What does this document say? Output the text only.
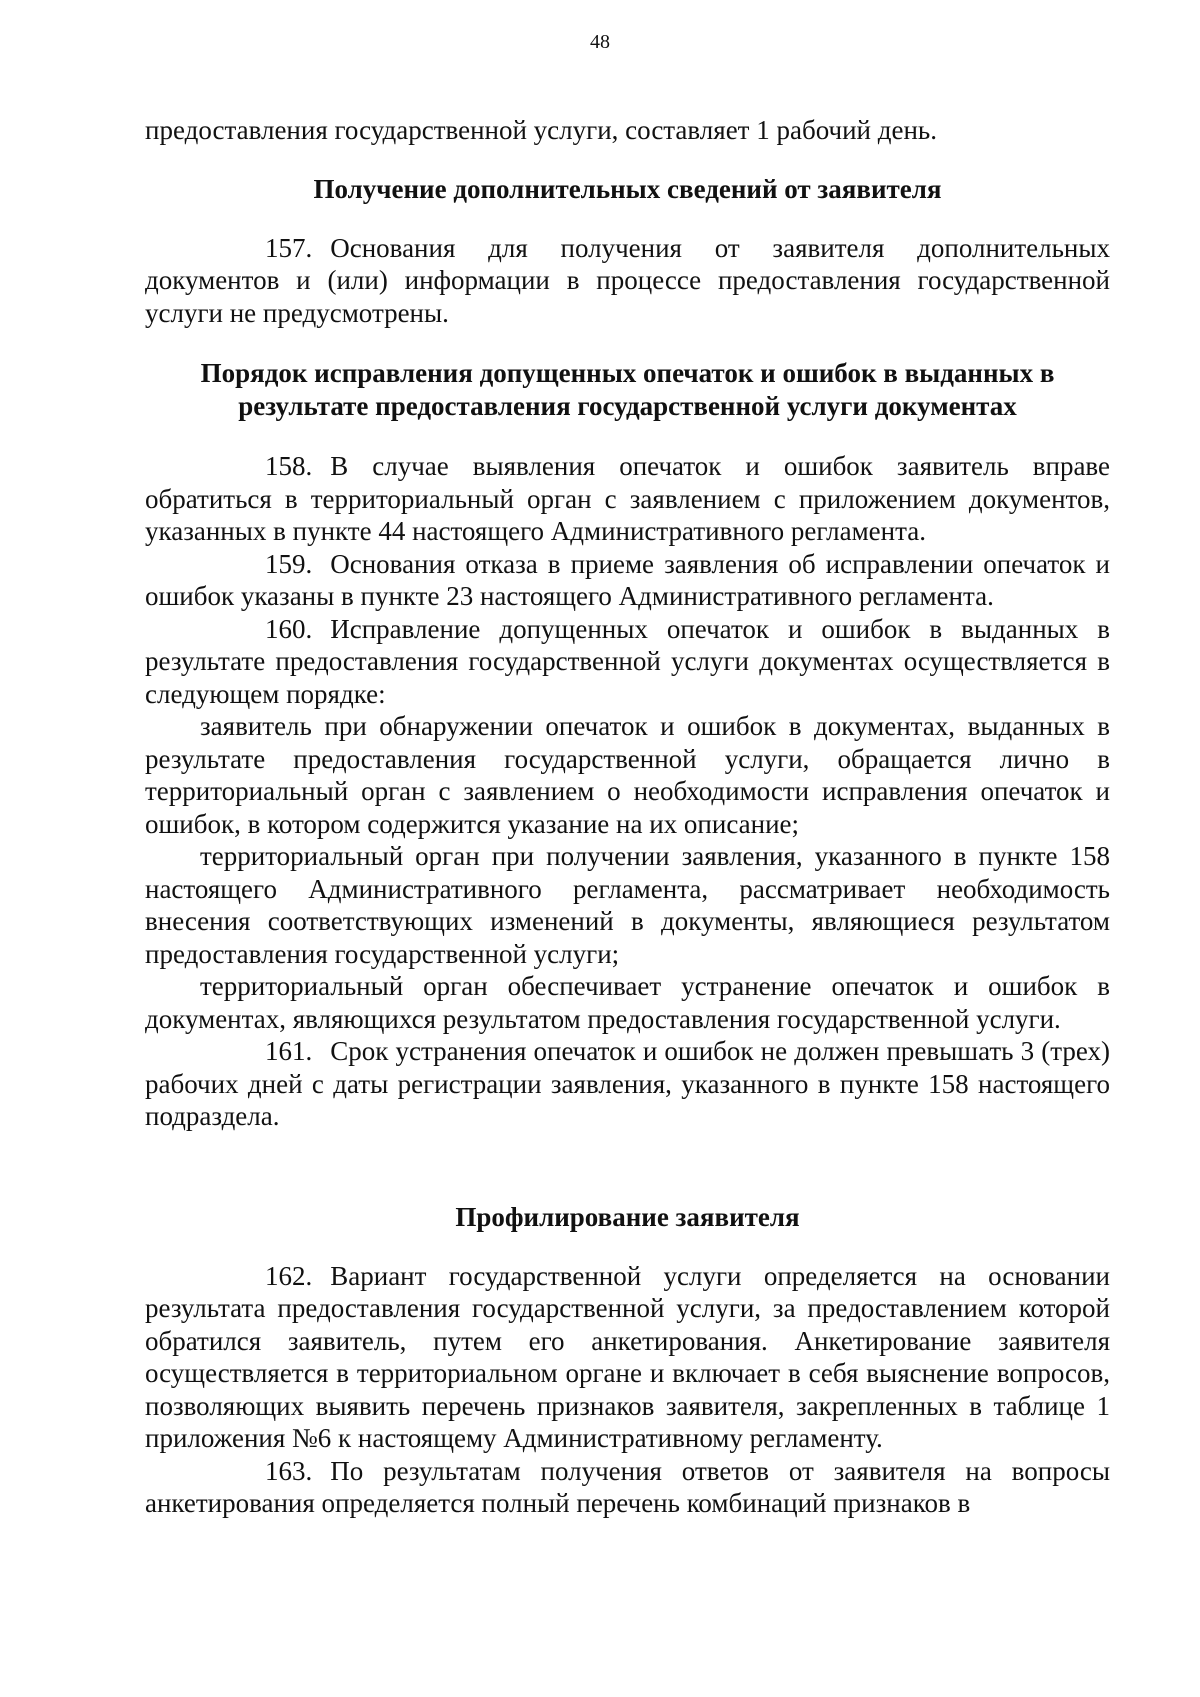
48

предоставления государственной услуги, составляет 1 рабочий день.

Получение дополнительных сведений от заявителя

157. Основания для получения от заявителя дополнительных документов и (или) информации в процессе предоставления государственной услуги не предусмотрены.

Порядок исправления допущенных опечаток и ошибок в выданных в
результате предоставления государственной услуги документах

158. В случае выявления опечаток и ошибок заявитель вправе обратиться в территориальный орган с заявлением с приложением документов, указанных в пункте 44 настоящего Административного регламента.

159. Основания отказа в приеме заявления об исправлении опечаток и ошибок указаны в пункте 23 настоящего Административного регламента.

160. Исправление допущенных опечаток и ошибок в выданных в результате предоставления государственной услуги документах осуществляется в следующем порядке:

заявитель при обнаружении опечаток и ошибок в документах, выданных в результате предоставления государственной услуги, обращается лично в территориальный орган с заявлением о необходимости исправления опечаток и ошибок, в котором содержится указание на их описание;

территориальный орган при получении заявления, указанного в пункте 158 настоящего Административного регламента, рассматривает необходимость внесения соответствующих изменений в документы, являющиеся результатом предоставления государственной услуги;

территориальный орган обеспечивает устранение опечаток и ошибок в документах, являющихся результатом предоставления государственной услуги.

161. Срок устранения опечаток и ошибок не должен превышать 3 (трех) рабочих дней с даты регистрации заявления, указанного в пункте 158 настоящего подраздела.

Профилирование заявителя

162. Вариант государственной услуги определяется на основании результата предоставления государственной услуги, за предоставлением которой обратился заявитель, путем его анкетирования. Анкетирование заявителя осуществляется в территориальном органе и включает в себя выяснение вопросов, позволяющих выявить перечень признаков заявителя, закрепленных в таблице 1 приложения №6 к настоящему Административному регламенту.

163. По результатам получения ответов от заявителя на вопросы анкетирования определяется полный перечень комбинаций признаков в
